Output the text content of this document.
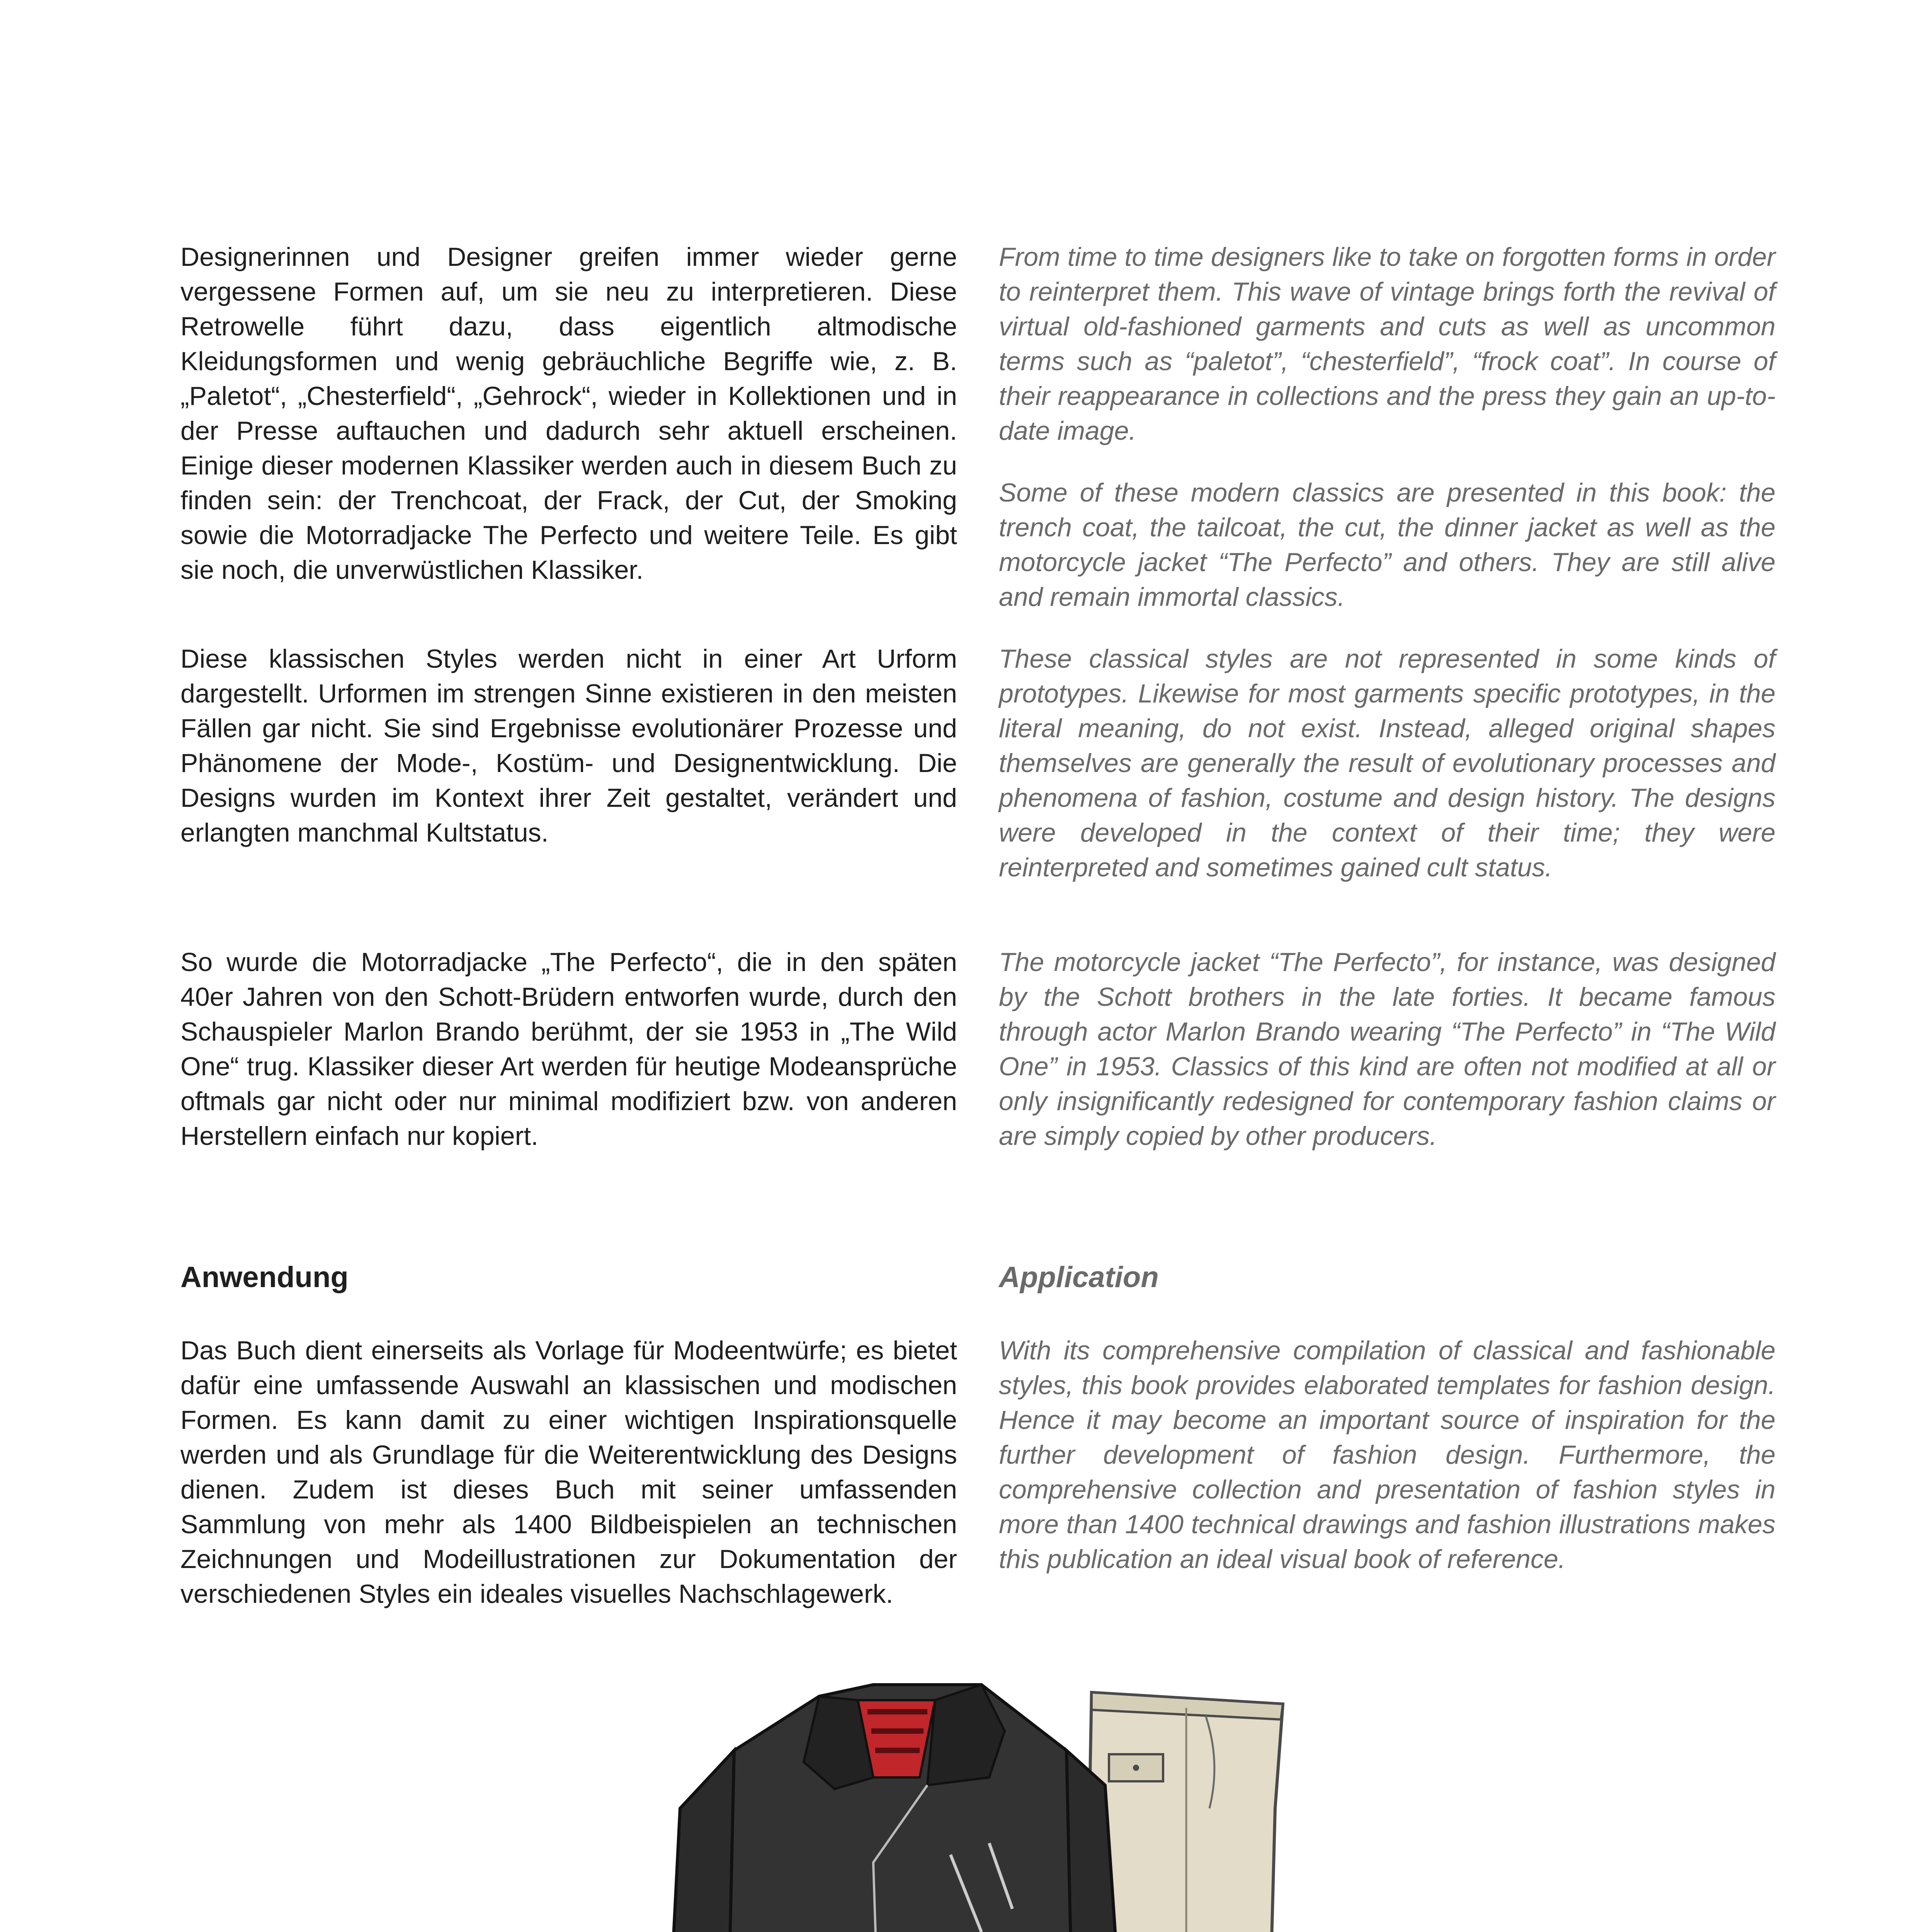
Designerinnen und Designer greifen immer wieder gerne vergessene Formen auf, um sie neu zu interpretieren. Diese Retrowelle führt dazu, dass eigentlich altmodische Kleidungsformen und wenig gebräuchliche Begriffe wie, z. B. „Paletot“, „Chesterfield“, „Gehrock“, wieder in Kollektionen und in der Presse auftauchen und dadurch sehr aktuell erscheinen. Einige dieser modernen Klassiker werden auch in diesem Buch zu finden sein: der Trenchcoat, der Frack, der Cut, der Smoking sowie die Motorradjacke The Perfecto und weitere Teile. Es gibt sie noch, die unverwüstlichen Klassiker.

Diese klassischen Styles werden nicht in einer Art Urform dargestellt. Urformen im strengen Sinne existieren in den meisten Fällen gar nicht. Sie sind Ergebnisse evolutionärer Prozesse und Phänomene der Mode-, Kostüm- und Designentwicklung. Die Designs wurden im Kontext ihrer Zeit gestaltet, verändert und erlangten manchmal Kultstatus.

So wurde die Motorradjacke „The Perfecto“, die in den späten 40er Jahren von den Schott-Brüdern entworfen wurde, durch den Schauspieler Marlon Brando berühmt, der sie 1953 in „The Wild One“ trug. Klassiker dieser Art werden für heutige Modeansprüche oftmals gar nicht oder nur minimal modifiziert bzw. von anderen Herstellern einfach nur kopiert.

Anwendung

Das Buch dient einerseits als Vorlage für Modeentwürfe; es bietet dafür eine umfassende Auswahl an klassischen und modischen Formen. Es kann damit zu einer wichtigen Inspirationsquelle werden und als Grundlage für die Weiterentwicklung des Designs dienen. Zudem ist dieses Buch mit seiner umfassenden Sammlung von mehr als 1400 Bildbeispielen an technischen Zeichnungen und Modeillustrationen zur Dokumentation der verschiedenen Styles ein ideales visuelles Nachschlagewerk.

From time to time designers like to take on forgotten forms in order to reinterpret them. This wave of vintage brings forth the revival of virtual old-fashioned garments and cuts as well as uncommon terms such as “paletot”, “chesterfield”, “frock coat”. In course of their reappearance in collections and the press they gain an up-to-date image.

Some of these modern classics are presented in this book: the trench coat, the tailcoat, the cut, the dinner jacket as well as the motorcycle jacket “The Perfecto” and others. They are still alive and remain immortal classics.

These classical styles are not represented in some kinds of prototypes. Likewise for most garments specific prototypes, in the literal meaning, do not exist. Instead, alleged original shapes themselves are generally the result of evolutionary processes and phenomena of fashion, costume and design history. The designs were developed in the context of their time; they were reinterpreted and sometimes gained cult status.

The motorcycle jacket “The Perfecto”, for instance, was designed by the Schott brothers in the late forties. It became famous through actor Marlon Brando wearing “The Perfecto” in “The Wild One” in 1953. Classics of this kind are often not modified at all or only insignificantly redesigned for contemporary fashion claims or are simply copied by other producers.

Application

With its comprehensive compilation of classical and fashionable styles, this book provides elaborated templates for fashion design. Hence it may become an important source of inspiration for the further development of fashion design. Furthermore, the comprehensive collection and presentation of fashion styles in more than 1400 technical drawings and fashion illustrations makes this publication an ideal visual book of reference.
